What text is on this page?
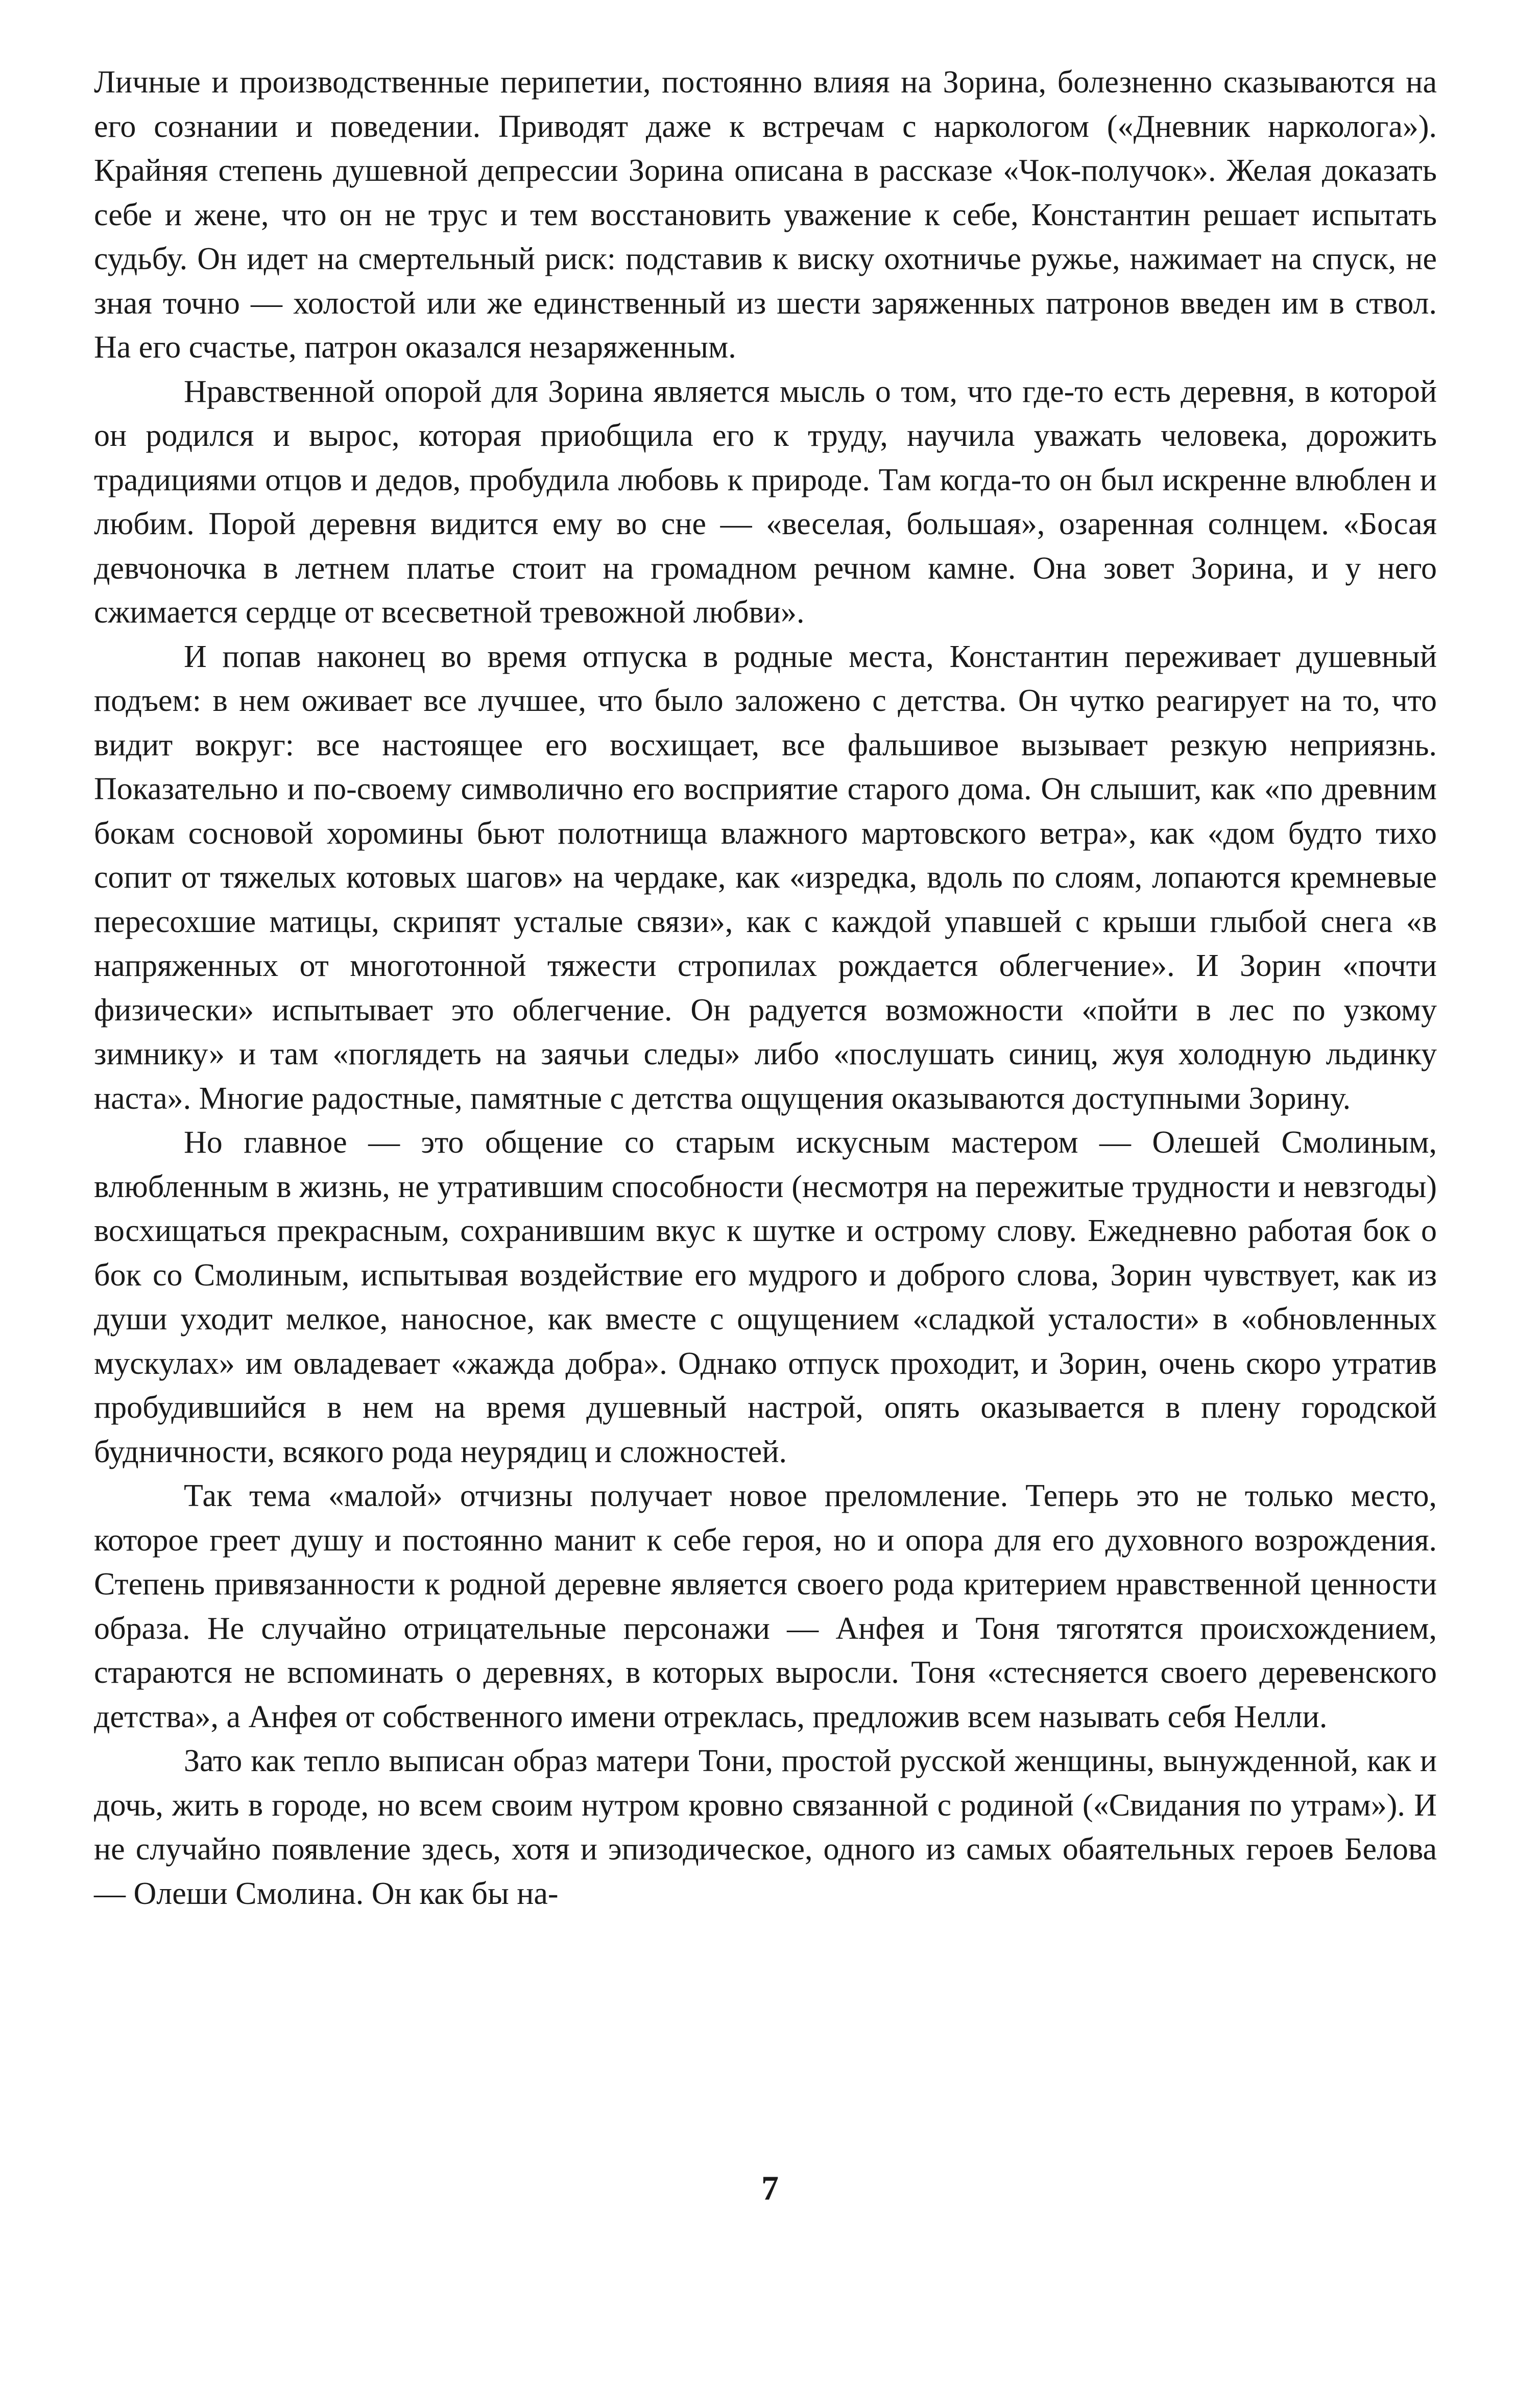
Личные и производственные перипетии, постоянно влияя на Зорина, болезненно сказываются на его сознании и поведении. Приводят даже к встречам с наркологом («Дневник нарколога»). Крайняя степень душевной депрессии Зорина описана в рассказе «Чок-получок». Желая доказать себе и жене, что он не трус и тем восстановить уважение к себе, Константин решает испытать судьбу. Он идет на смертельный риск: подставив к виску охотничье ружье, нажимает на спуск, не зная точно — холостой или же единственный из шести заряженных патронов введен им в ствол. На его счастье, патрон оказался незаряженным.

Нравственной опорой для Зорина является мысль о том, что где-то есть деревня, в которой он родился и вырос, которая приобщила его к труду, научила уважать человека, дорожить традициями отцов и дедов, пробудила любовь к природе. Там когда-то он был искренне влюблен и любим. Порой деревня видится ему во сне — «веселая, большая», озаренная солнцем. «Босая девчоночка в летнем платье стоит на громадном речном камне. Она зовет Зорина, и у него сжимается сердце от всесветной тревожной любви».

И попав наконец во время отпуска в родные места, Константин переживает душевный подъем: в нем оживает все лучшее, что было заложено с детства. Он чутко реагирует на то, что видит вокруг: все настоящее его восхищает, все фальшивое вызывает резкую неприязнь. Показательно и по-своему символично его восприятие старого дома. Он слышит, как «по древним бокам сосновой хоромины бьют полотнища влажного мартовского ветра», как «дом будто тихо сопит от тяжелых котовых шагов» на чердаке, как «изредка, вдоль по слоям, лопаются кремневые пересохшие матицы, скрипят усталые связи», как с каждой упавшей с крыши глыбой снега «в напряженных от многотонной тяжести стропилах рождается облегчение». И Зорин «почти физически» испытывает это облегчение. Он радуется возможности «пойти в лес по узкому зимнику» и там «поглядеть на заячьи следы» либо «послушать синиц, жуя холодную льдинку наста». Многие радостные, памятные с детства ощущения оказываются доступными Зорину.

Но главное — это общение со старым искусным мастером — Олешей Смолиным, влюбленным в жизнь, не утратившим способности (несмотря на пережитые трудности и невзгоды) восхищаться прекрасным, сохранившим вкус к шутке и острому слову. Ежедневно работая бок о бок со Смолиным, испытывая воздействие его мудрого и доброго слова, Зорин чувствует, как из души уходит мелкое, наносное, как вместе с ощущением «сладкой усталости» в «обновленных мускулах» им овладевает «жажда добра». Однако отпуск проходит, и Зорин, очень скоро утратив пробудившийся в нем на время душевный настрой, опять оказывается в плену городской будничности, всякого рода неурядиц и сложностей.

Так тема «малой» отчизны получает новое преломление. Теперь это не только место, которое греет душу и постоянно манит к себе героя, но и опора для его духовного возрождения. Степень привязанности к родной деревне является своего рода критерием нравственной ценности образа. Не случайно отрицательные персонажи — Анфея и Тоня тяготятся происхождением, стараются не вспоминать о деревнях, в которых выросли. Тоня «стесняется своего деревенского детства», а Анфея от собственного имени отреклась, предложив всем называть себя Нелли.

Зато как тепло выписан образ матери Тони, простой русской женщины, вынужденной, как и дочь, жить в городе, но всем своим нутром кровно связанной с родиной («Свидания по утрам»). И не случайно появление здесь, хотя и эпизодическое, одного из самых обаятельных героев Белова — Олеши Смолина. Он как бы на-

7
